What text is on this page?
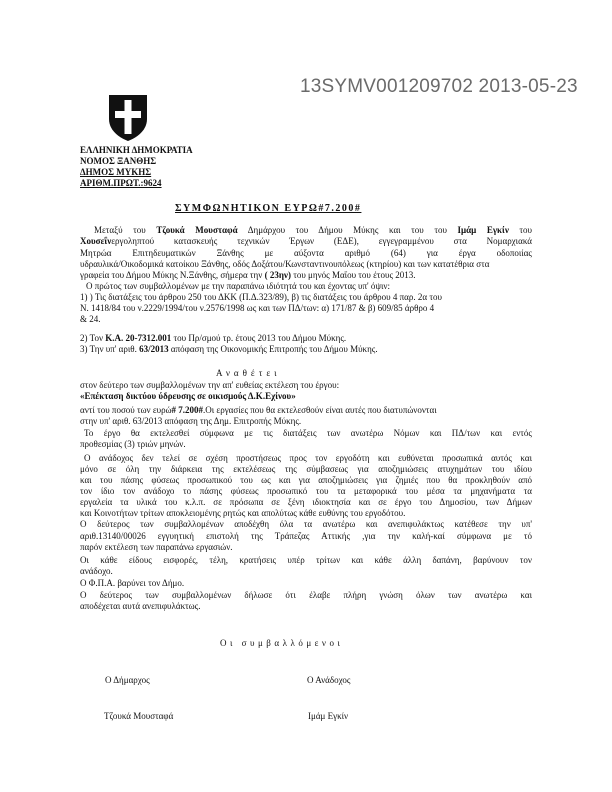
13SYMV001209702 2013-05-23
ΕΛΛΗΝΙΚΗ ΔΗΜΟΚΡΑΤΙΑ
ΝΟΜΟΣ ΞΑΝΘΗΣ
ΔΗΜΟΣ ΜΥΚΗΣ
ΑΡΙΘΜ.ΠΡΩΤ.:9624
ΣΥΜΦΩΝΗΤΙΚΟΝ ΕΥΡΩ#7.200#
Μεταξύ του Τζουκά Μουσταφά Δημάρχου του Δήμου Μύκης και του του Ιμάμ Εγκίν του
Χουσεΐνεργοληπτού κατασκευής τεχνικών Έργων (ΕΔΕ), εγγεγραμμένου στα Νομαρχιακά
Μητρώα Επιτηδευματικών Ξάνθης με αύξοντα αριθμό (64) για έργα οδοποιίας
υδραυλικά/Οικοδομικά κατοίκου Ξάνθης, οδός Δοξάτου/Κωνσταντινουπόλεως (κτηρίου) και των κατατέθρια στα
γραφεία του Δήμου Μύκης Ν.Ξάνθης, σήμερα την ( 23ην) του μηνός Μαΐου του έτους 2013.
Ο πρώτος των συμβαλλομένων με την παραπάνω ιδιότητά του και έχοντας υπ' όψιν:
1) ) Τις διατάξεις του άρθρου 250 του ΔΚΚ (Π.Δ.323/89), β) τις διατάξεις του άρθρου 4 παρ. 2α του
Ν. 1418/84 του ν.2229/1994/του ν.2576/1998 ως και των ΠΔ/των: α) 171/87 & β) 609/85 άρθρο 4
& 24.
2) Τον Κ.Α. 20-7312.001 του Πρ/σμού τρ. έτους 2013 του Δήμου Μύκης.
3) Την υπ' αριθ. 63/2013 απόφαση της Οικονομικής Επιτροπής του Δήμου Μύκης.
Αναθέτει
στον δεύτερο των συμβαλλομένων την απ' ευθείας εκτέλεση του έργου:
«Επέκταση δικτύου ύδρευσης σε οικισμούς Δ.Κ.Εχίνου»
αντί του ποσού των ευρώ# 7.200#.Οι εργασίες που θα εκτελεσθούν είναι αυτές που διατυπώνονται
στην υπ' αριθ. 63/2013 απόφαση της Δημ. Επιτροπής Μύκης.
Το έργο θα εκτελεσθεί σύμφωνα με τις διατάξεις των ανωτέρω Νόμων και ΠΔ/των και εντός
προθεσμίας (3) τριών μηνών.
Ο ανάδοχος δεν τελεί σε σχέση προστήσεως προς τον εργοδότη και ευθύνεται προσωπικά αυτός και
μόνο σε όλη την διάρκεια της εκτελέσεως της σύμβασεως για αποζημιώσεις ατυχημάτων του ιδίου
και του πάσης φύσεως προσωπικού του ως και για αποζημιώσεις για ζημιές που θα προκληθούν από
τον ίδιο τον ανάδοχο το πάσης φύσεως προσωπικό του τα μεταφορικά του μέσα τα μηχανήματα τα
εργαλεία τα υλικά του κ.λ.π. σε πρόσωπα σε ξένη ιδιοκτησία και σε έργο του Δημοσίου, των Δήμων
και Κοινοτήτων τρίτων αποκλειομένης ρητώς και απολύτως κάθε ευθύνης του εργοδότου.
Ο δεύτερος των συμβαλλομένων αποδέχθη όλα τα ανωτέρω και ανεπιφυλάκτως κατέθεσε την υπ'
αριθ.13140/00026 εγγυητική επιστολή της Τράπεζας Αττικής ,για την καλή-καί σύμφωνα με τό
παρόν εκτέλεση των παραπάνω εργασιών.
Οι κάθε είδους εισφορές, τέλη, κρατήσεις υπέρ τρίτων και κάθε άλλη δαπάνη, βαρύνουν τον
ανάδοχο.
Ο Φ.Π.Α. βαρύνει τον Δήμο.
Ο δεύτερος των συμβαλλομένων δήλωσε ότι έλαβε πλήρη γνώση όλων των ανωτέρω και
αποδέχεται αυτά ανεπιφυλάκτως.
Οι συμβαλλόμενοι
Ο Δήμαρχος	Ο Ανάδοχος
Τζουκά Μουσταφά	Ιμάμ Εγκίν
